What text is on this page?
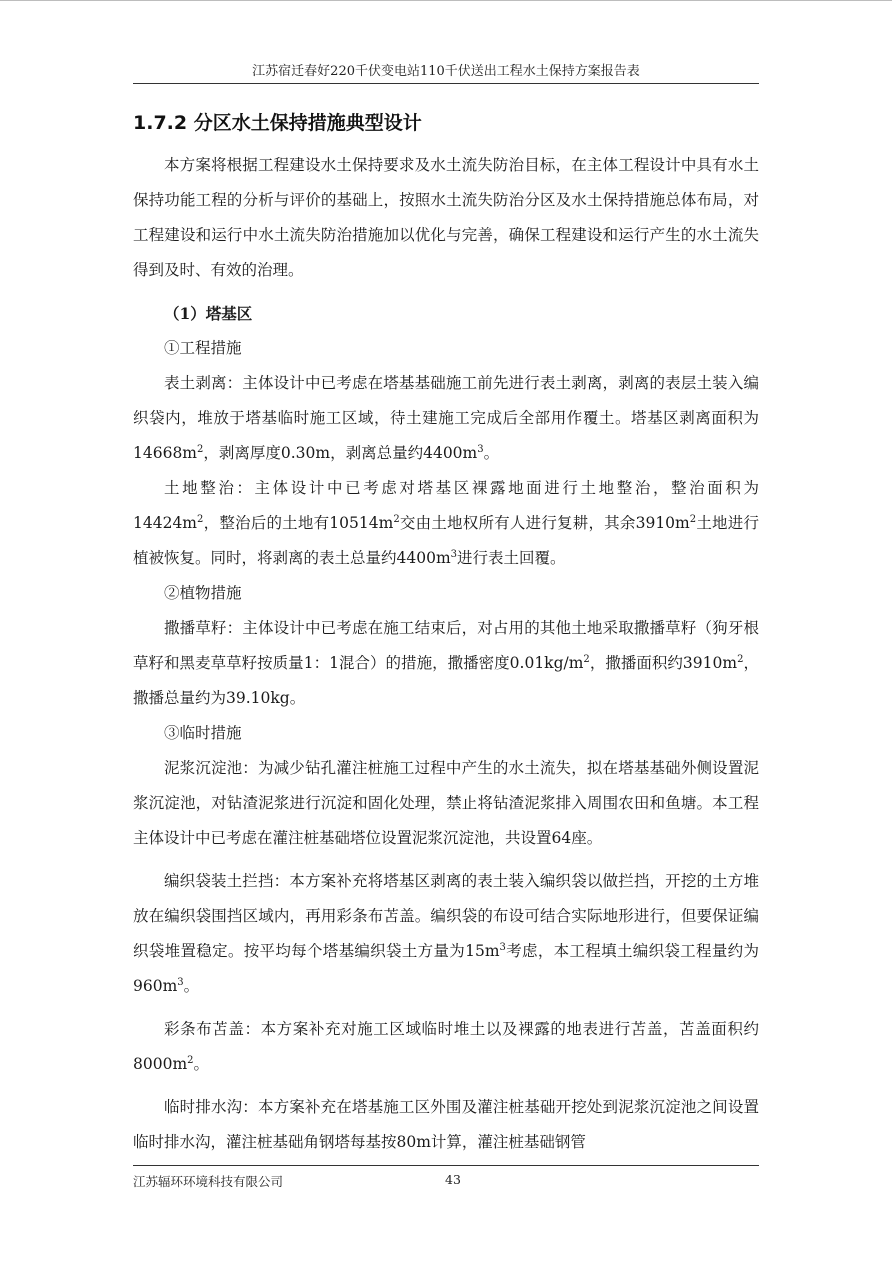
江苏宿迁春好220千伏变电站110千伏送出工程水土保持方案报告表
1.7.2 分区水土保持措施典型设计

本方案将根据工程建设水土保持要求及水土流失防治目标，在主体工程设计中具有水土保持功能工程的分析与评价的基础上，按照水土流失防治分区及水土保持措施总体布局，对工程建设和运行中水土流失防治措施加以优化与完善，确保工程建设和运行产生的水土流失得到及时、有效的治理。

（1）塔基区

①工程措施

表土剥离：主体设计中已考虑在塔基基础施工前先进行表土剥离，剥离的表层土装入编织袋内，堆放于塔基临时施工区域，待土建施工完成后全部用作覆土。塔基区剥离面积为$14668m^2$，剥离厚度0.30m，剥离总量约$4400m^3$。

土地整治：主体设计中已考虑对塔基区裸露地面进行土地整治，整治面积为$14424m^2$，整治后的土地有$10514m^2$交由土地权所有人进行复耕，其余$3910m^2$土地进行植被恢复。同时，将剥离的表土总量约$4400m^3$进行表土回覆。

②植物措施

撒播草籽：主体设计中已考虑在施工结束后，对占用的其他土地采取撒播草籽（狗牙根草籽和黑麦草草籽按质量1：1混合）的措施，撒播密度$0.01kg/m^2$，撒播面积约$3910m^2$，撒播总量约为39.10kg。

③临时措施

泥浆沉淀池：为减少钻孔灌注桩施工过程中产生的水土流失，拟在塔基基础外侧设置泥浆沉淀池，对钻渣泥浆进行沉淀和固化处理，禁止将钻渣泥浆排入周围农田和鱼塘。本工程主体设计中已考虑在灌注桩基础塔位设置泥浆沉淀池，共设置64座。

编织袋装土拦挡：本方案补充将塔基区剥离的表土装入编织袋以做拦挡，开挖的土方堆放在编织袋围挡区域内，再用彩条布苫盖。编织袋的布设可结合实际地形进行，但要保证编织袋堆置稳定。按平均每个塔基编织袋土方量为$15m^3$考虑，本工程填土编织袋工程量约为$960m^3$。

彩条布苫盖：本方案补充对施工区域临时堆土以及裸露的地表进行苫盖，苫盖面积约$8000m^2$。

临时排水沟：本方案补充在塔基施工区外围及灌注桩基础开挖处到泥浆沉淀池之间设置临时排水沟，灌注桩基础角钢塔每基按80m计算，灌注桩基础钢管

江苏辐环环境科技有限公司	43
